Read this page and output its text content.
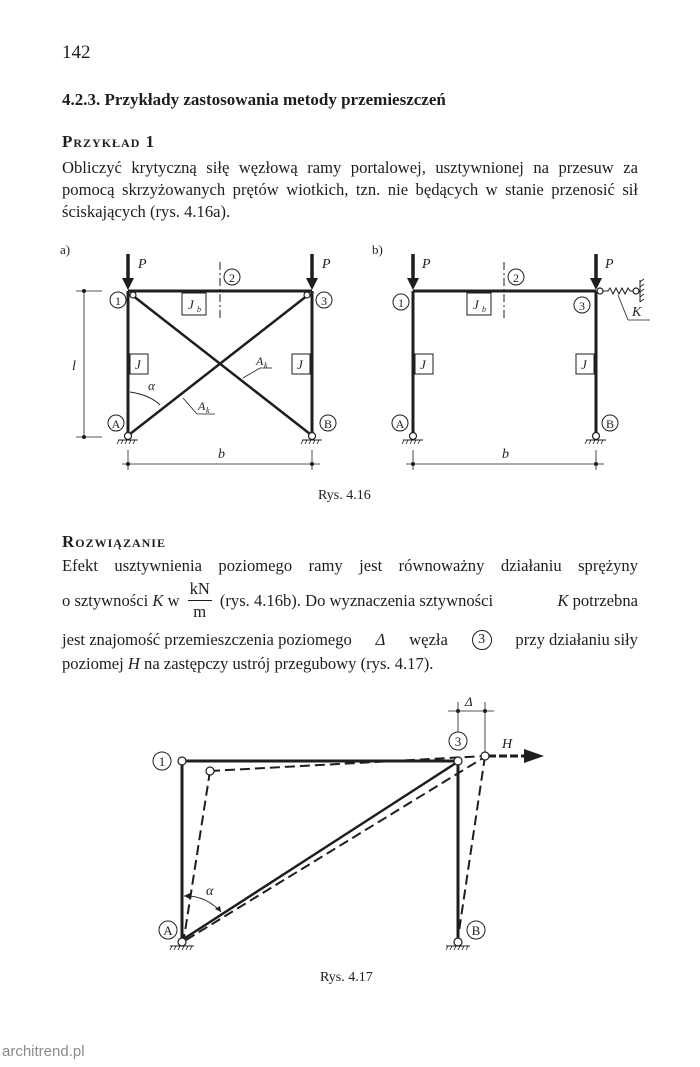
142
4.2.3. Przykłady zastosowania metody przemieszczeń
Przykład 1
Obliczyć krytyczną siłę węzłową ramy portalowej, usztywnionej na przesuw za pomocą skrzyżowanych prętów wiotkich, tzn. nie będących w stanie przenosić sił ściskających (rys. 4.16a).
a)
P	P
1
2
3
A	B
J b
J	J
A k
A k
α
l
b
b)
P	P
K
1
2
3
A	B
J b
J	J
b
Rys. 4.16
Rozwiązanie
Efekt usztywnienia poziomego ramy jest równoważny działaniu sprężyny
o sztywności K w $\frac{kN}{m} (rys$. 4.16b). Do wyznaczenia sztywności	K potrzebna
jest znajomość przemieszczenia poziomego Δ węzła	3	przy działaniu siły
poziomej H na zastępczy ustrój przegubowy (rys. 4.17).
Δ
H
1
3
A	B
α
Rys. 4.17
architrend.pl
